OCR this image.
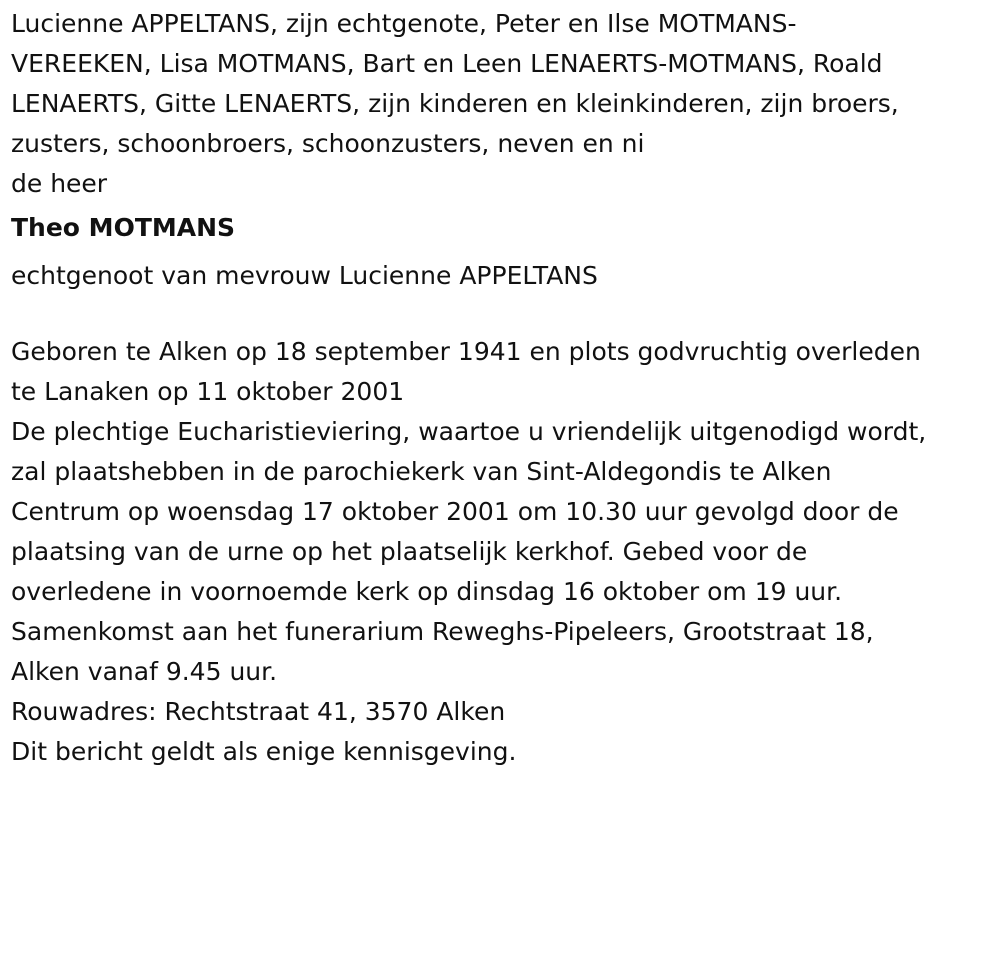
Lucienne APPELTANS, zijn echtgenote, Peter en Ilse MOTMANS-
VEREEKEN, Lisa MOTMANS, Bart en Leen LENAERTS-MOTMANS, Roald
LENAERTS, Gitte LENAERTS, zijn kinderen en kleinkinderen, zijn broers,
zusters, schoonbroers, schoonzusters, neven en ni
de heer
Theo MOTMANS
echtgenoot van mevrouw Lucienne APPELTANS
Geboren te Alken op 18 september 1941 en plots godvruchtig overleden
te Lanaken op 11 oktober 2001
De plechtige Eucharistieviering, waartoe u vriendelijk uitgenodigd wordt,
zal plaatshebben in de parochiekerk van Sint-Aldegondis te Alken
Centrum op woensdag 17 oktober 2001 om 10.30 uur gevolgd door de
plaatsing van de urne op het plaatselijk kerkhof. Gebed voor de
overledene in voornoemde kerk op dinsdag 16 oktober om 19 uur.
Samenkomst aan het funerarium Reweghs-Pipeleers, Grootstraat 18,
Alken vanaf 9.45 uur.
Rouwadres: Rechtstraat 41, 3570 Alken
Dit bericht geldt als enige kennisgeving.
